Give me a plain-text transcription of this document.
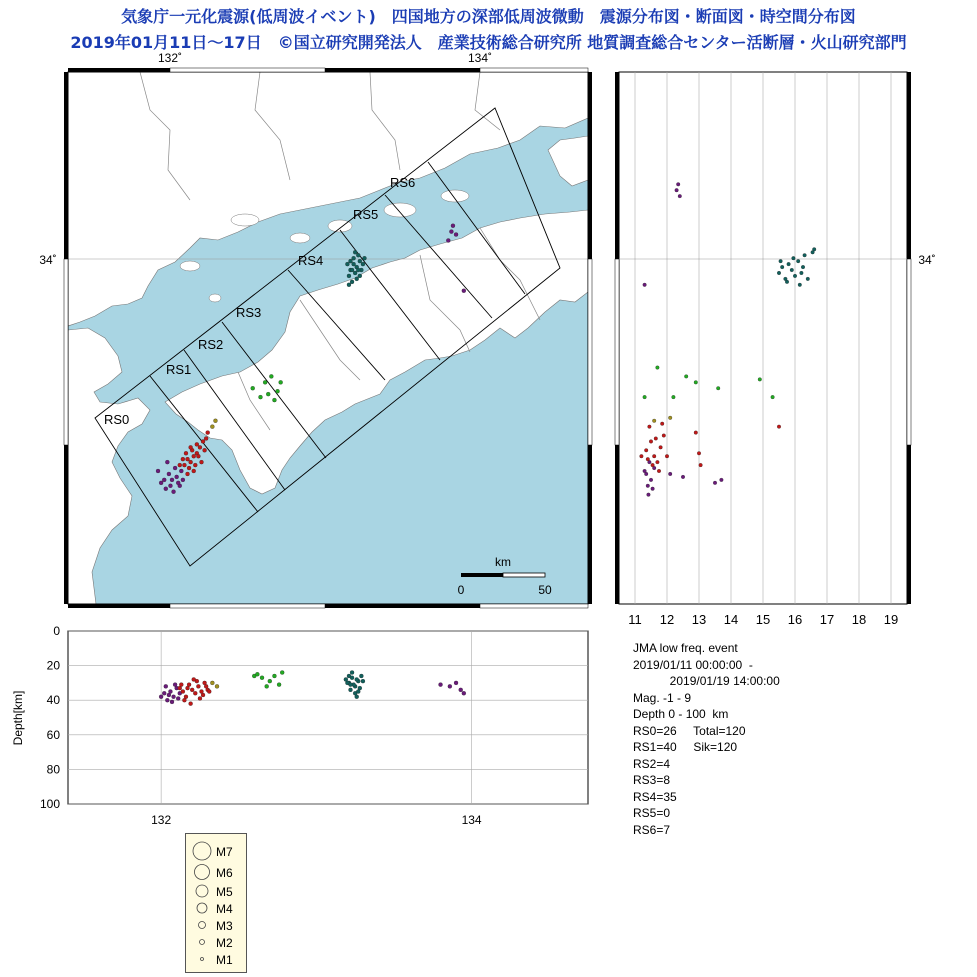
気象庁一元化震源(低周波イベント)　四国地方の深部低周波微動　震源分布図・断面図・時空間分布図
2019年01月11日～17日　©国立研究開発法人　産業技術総合研究所 地質調査総合センター活断層・火山研究部門
132˚	134˚
34˚
RS0
RS1
RS2
RS3
RS4
RS5
RS6
km
0	50
11 12 13 14 15 16 17 18 19
34˚
0
20
40
60
80
100
132	134
Depth[km]
JMA low freq. event
2019/01/11 00:00:00  -
2019/01/19 14:00:00
Mag. -1 - 9
Depth 0 - 100  km
RS0=26     Total=120
RS1=40     Sik=120
RS2=4
RS3=8
RS4=35
RS5=0
RS6=7
M7
M6
M5
M4
M3
M2
M1
